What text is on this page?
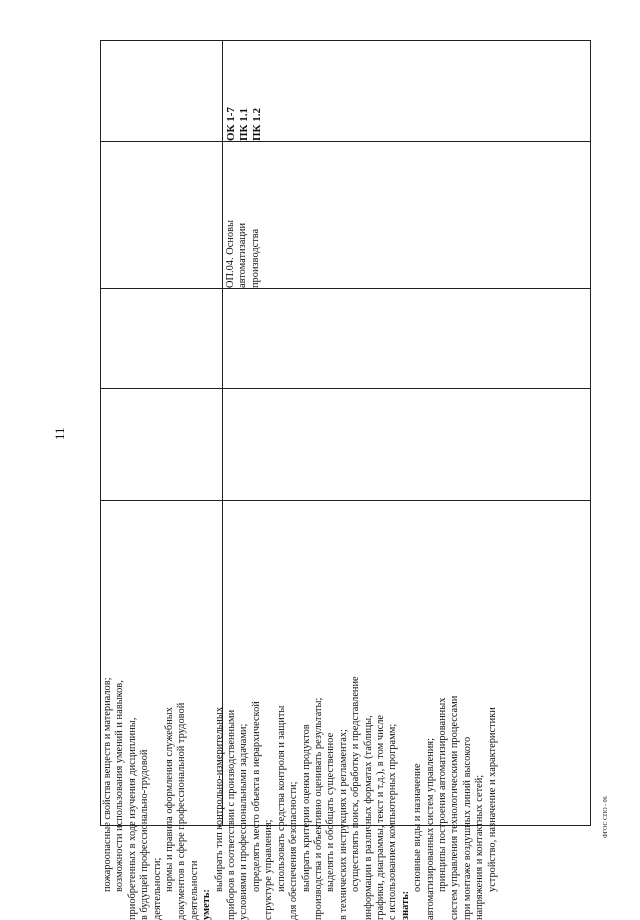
11

пожароопасные свойства веществ и материалов; возможности использования умений и навыков, приобретенных в ходе изучения дисциплины, в будущей профессионально-трудовой деятельности; нормы и правила оформления служебных документов в сфере профессиональной трудовой деятельности уметь:

выбирать тип контрольно-измерительных приборов в соответствии с производственными условиями и профессиональными задачами; определять место объекта в иерархической структуре управления; использовать средства контроля и защиты для обеспечения безопасности; выбирать критерии оценки продуктов производства и объективно оценивать результаты; выделять и обобщать существенное в технических инструкциях и регламентах; осуществлять поиск, обработку и представление информации в различных форматах (таблицы, графики, диаграммы, текст и т.д.), в том числе с использованием компьютерных программ; знать:

основные виды и назначение автоматизированных систем управления; принципы построения автоматизированных систем управления технологическими процессами при монтаже воздушных линий высокого напряжения и контактных сетей; устройство, назначение и характеристики

ОП.04. Основы автоматизации производства

ОК 1-7 ПК 1.1 ПК 1.2

ФГОС СПО - 06
